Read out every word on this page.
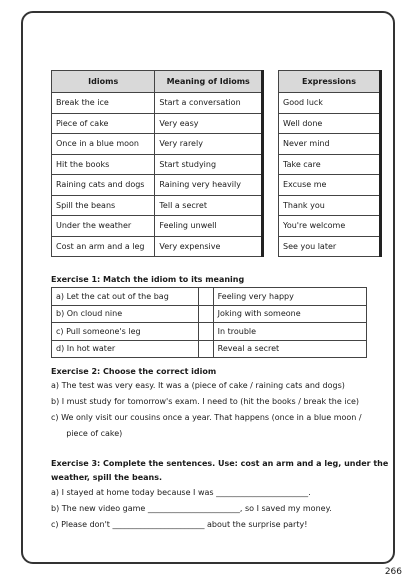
Idioms	Meaning of Idioms
Break the ice	Start a conversation
Piece of cake	Very easy
Once in a blue moon	Very rarely
Hit the books	Start studying
Raining cats and dogs	Raining very heavily
Spill the beans	Tell a secret
Under the weather	Feeling unwell
Cost an arm and a leg	Very expensive
Expressions
Good luck
Well done
Never mind
Take care
Excuse me
Thank you
You're welcome
See you later
Exercise 1: Match the idiom to its meaning
a) Let the cat out of the bag		Feeling very happy
b) On cloud nine		Joking with someone
c) Pull someone's leg		In trouble
d) In hot water		Reveal a secret
Exercise 2: Choose the correct idiom
a) The test was very easy. It was a (piece of cake / raining cats and dogs)
b) I must study for tomorrow's exam. I need to (hit the books / break the ice)
c) We only visit our cousins once a year. That happens (once in a blue moon /
piece of cake)
Exercise 3: Complete the sentences. Use: cost an arm and a leg, under the
weather, spill the beans.
a) I stayed at home today because I was _______________________.
b) The new video game _______________________, so I saved my money.
c) Please don't _______________________ about the surprise party!
266
